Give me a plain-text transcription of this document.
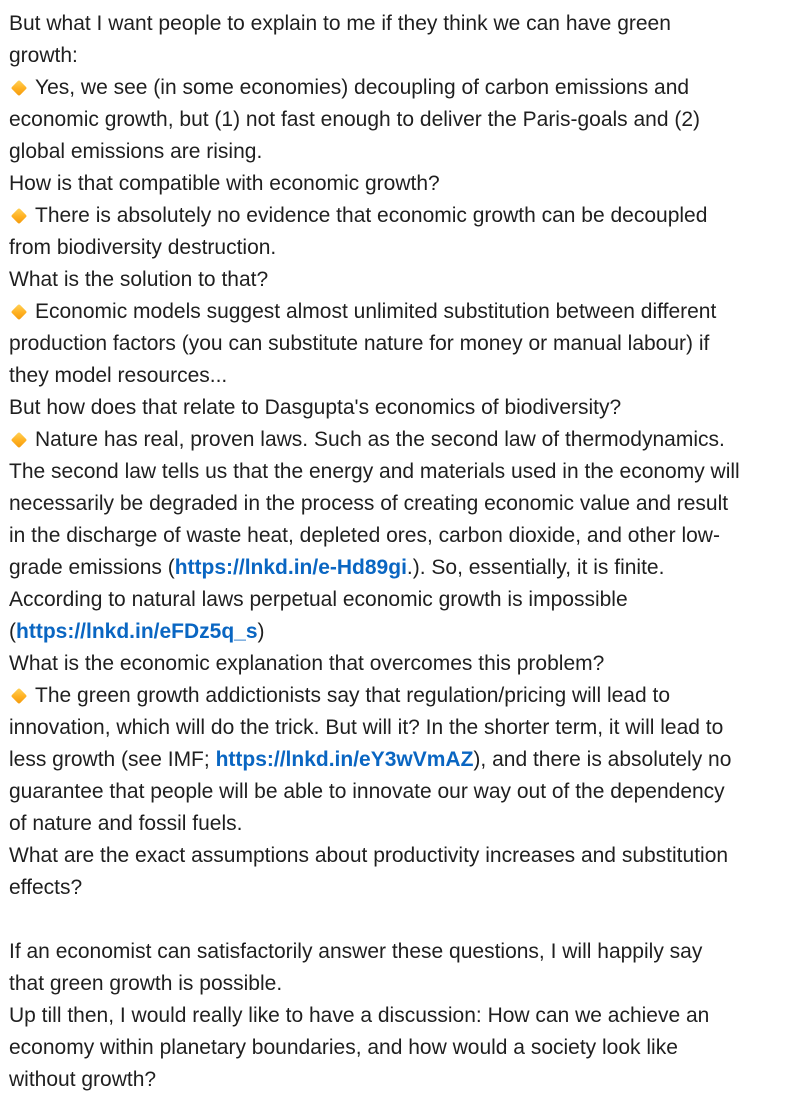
But what I want people to explain to me if they think we can have green
growth:
Yes, we see (in some economies) decoupling of carbon emissions and
economic growth, but (1) not fast enough to deliver the Paris-goals and (2)
global emissions are rising.
How is that compatible with economic growth?
There is absolutely no evidence that economic growth can be decoupled
from biodiversity destruction.
What is the solution to that?
Economic models suggest almost unlimited substitution between different
production factors (you can substitute nature for money or manual labour) if
they model resources...
But how does that relate to Dasgupta's economics of biodiversity?
Nature has real, proven laws. Such as the second law of thermodynamics.
The second law tells us that the energy and materials used in the economy will
necessarily be degraded in the process of creating economic value and result
in the discharge of waste heat, depleted ores, carbon dioxide, and other low-
grade emissions (https://lnkd.in/e-Hd89gi.). So, essentially, it is finite.
According to natural laws perpetual economic growth is impossible
(https://lnkd.in/eFDz5q_s)
What is the economic explanation that overcomes this problem?
The green growth addictionists say that regulation/pricing will lead to
innovation, which will do the trick. But will it? In the shorter term, it will lead to
less growth (see IMF; https://lnkd.in/eY3wVmAZ), and there is absolutely no
guarantee that people will be able to innovate our way out of the dependency
of nature and fossil fuels.
What are the exact assumptions about productivity increases and substitution
effects?
If an economist can satisfactorily answer these questions, I will happily say
that green growth is possible.
Up till then, I would really like to have a discussion: How can we achieve an
economy within planetary boundaries, and how would a society look like
without growth?
